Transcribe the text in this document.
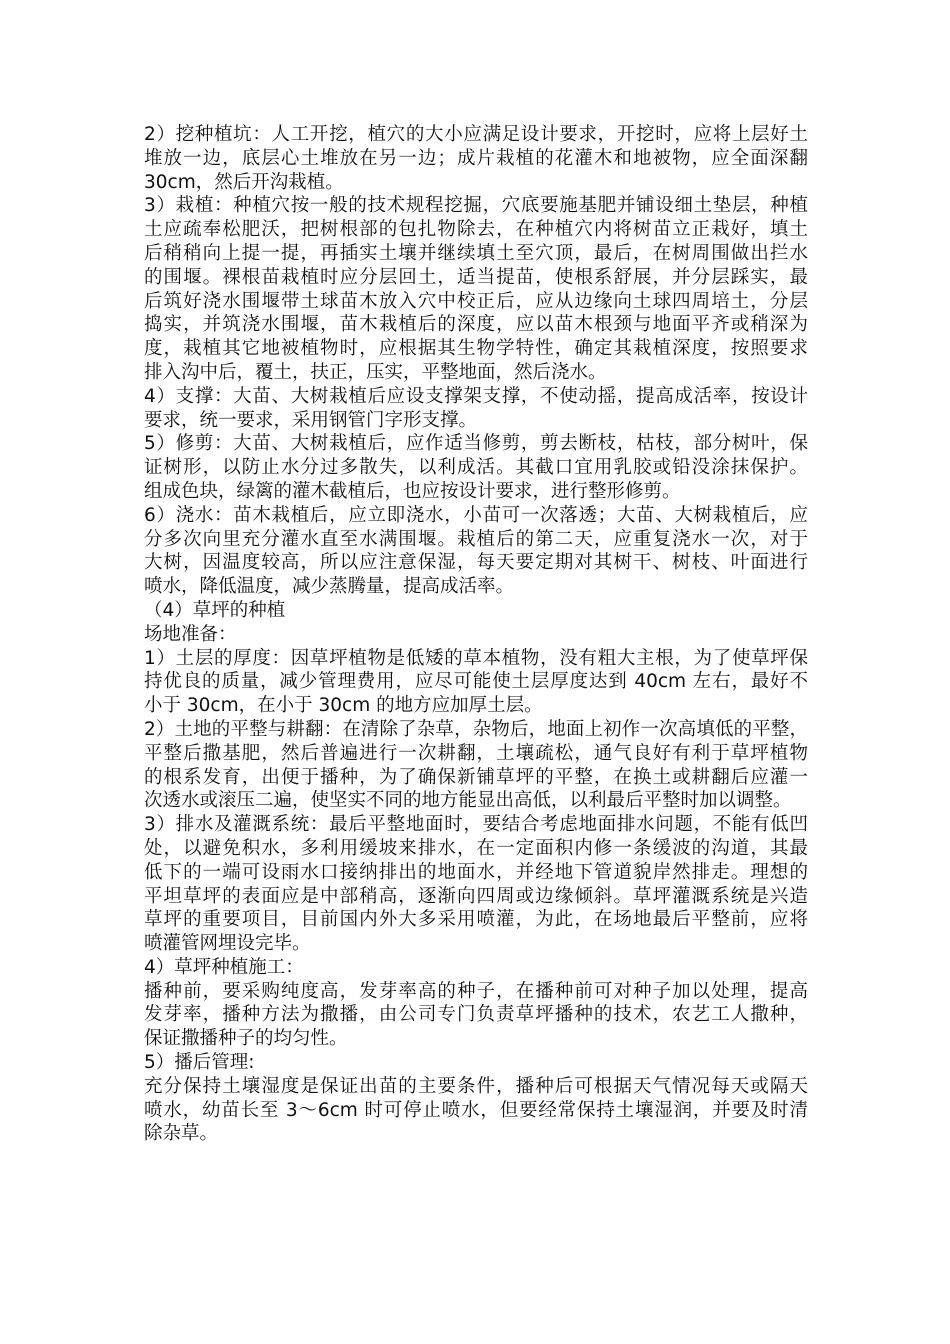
2）挖种植坑：人工开挖，植穴的大小应满足设计要求，开挖时，应将上层好土
堆放一边，底层心土堆放在另一边；成片栽植的花灌木和地被物，应全面深翻
30cm，然后开沟栽植。
3）栽植：种植穴按一般的技术规程挖掘，穴底要施基肥并铺设细土垫层，种植
土应疏奉松肥沃，把树根部的包扎物除去，在种植穴内将树苗立正栽好，填土
后稍稍向上提一提，再插实土壤并继续填土至穴顶，最后，在树周围做出拦水
的围堰。裸根苗栽植时应分层回土，适当提苗，使根系舒展，并分层踩实，最
后筑好浇水围堰带土球苗木放入穴中校正后，应从边缘向土球四周培土，分层
捣实，并筑浇水围堰，苗木栽植后的深度，应以苗木根颈与地面平齐或稍深为
度，栽植其它地被植物时，应根据其生物学特性，确定其栽植深度，按照要求
排入沟中后，覆土，扶正，压实，平整地面，然后浇水。
4）支撑：大苗、大树栽植后应设支撑架支撑，不使动摇，提高成活率，按设计
要求，统一要求，采用钢管门字形支撑。
5）修剪：大苗、大树栽植后，应作适当修剪，剪去断枝，枯枝，部分树叶，保
证树形，以防止水分过多散失，以利成活。其截口宜用乳胶或铅没涂抹保护。
组成色块，绿篱的灌木截植后，也应按设计要求，进行整形修剪。
6）浇水：苗木栽植后，应立即浇水，小苗可一次落透；大苗、大树栽植后，应
分多次向里充分灌水直至水满围堰。栽植后的第二天，应重复浇水一次，对于
大树，因温度较高，所以应注意保湿，每天要定期对其树干、树枝、叶面进行
喷水，降低温度，减少蒸腾量，提高成活率。
（4）草坪的种植
场地准备：
1）土层的厚度：因草坪植物是低矮的草本植物，没有粗大主根，为了使草坪保
持优良的质量，减少管理费用，应尽可能使土层厚度达到 40cm 左右，最好不
小于 30cm，在小于 30cm 的地方应加厚土层。
2）土地的平整与耕翻：在清除了杂草，杂物后，地面上初作一次高填低的平整，
平整后撒基肥，然后普遍进行一次耕翻，土壤疏松，通气良好有利于草坪植物
的根系发育，出便于播种，为了确保新铺草坪的平整，在换土或耕翻后应灌一
次透水或滚压二遍，使坚实不同的地方能显出高低，以利最后平整时加以调整。
3）排水及灌溉系统：最后平整地面时，要结合考虑地面排水问题，不能有低凹
处，以避免积水，多利用缓坡来排水，在一定面积内修一条缓波的沟道，其最
低下的一端可设雨水口接纳排出的地面水，并经地下管道貌岸然排走。理想的
平坦草坪的表面应是中部稍高，逐渐向四周或边缘倾斜。草坪灌溉系统是兴造
草坪的重要项目，目前国内外大多采用喷灌，为此，在场地最后平整前，应将
喷灌管网埋设完毕。
4）草坪种植施工：
播种前，要采购纯度高，发芽率高的种子，在播种前可对种子加以处理，提高
发芽率，播种方法为撒播，由公司专门负责草坪播种的技术，农艺工人撒种，
保证撒播种子的均匀性。
5）播后管理:
充分保持土壤湿度是保证出苗的主要条件，播种后可根据天气情况每天或隔天
喷水，幼苗长至 3～6cm 时可停止喷水，但要经常保持土壤湿润，并要及时清
除杂草。
